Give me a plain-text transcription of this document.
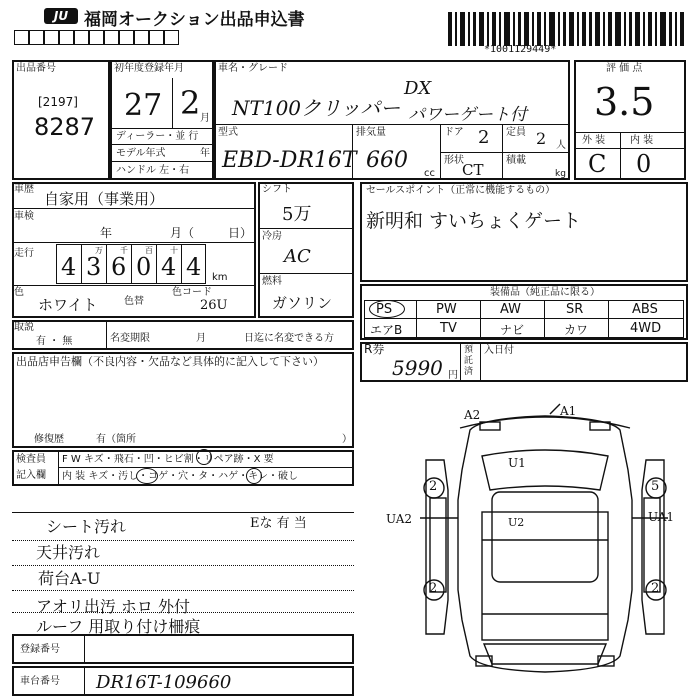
JU 福岡オークション出品申込書
*1001129449*
出品番号
[2197]
8287
初年度登録年月
27 2 月
ディーラー・並 行
モデル年式	年
ハンドル 左・右
車名・グレード
NT100クリッパー
DX
パワーゲート付
型式
EBD-DR16T
排気量
660
cc
ドア 2 定員 2 人
形状
CT
積載
kg
評 価 点
3.5
外 装 内 装
C 0
車歴
自家用（事業用）
車検
年	月（	日）
走行	万 千 百 十
4 3 6 0 4 4 km
色
ホワイト	色替
色コード
26U
シフト
5万
冷房
AC
燃料
ガソリン
セールスポイント（正常に機能するもの）
新明和 すいちょくゲート
装備品（純正品に限る）
PS	PW	AW	SR	ABS
エアB	TV	ナビ	カワ	4WD
取説
有 ・ 無	名変期限	月	日迄に名変できる方
R券
5990 円
預託済
入日付
出品店申告欄（不良内容・欠品など具体的に記入して下さい）
修復歴	有（箇所	）
検査員
記入欄
F W キズ・飛石・凹・ヒビ割・リペア跡・X 要
内 装 キズ・汚し・コゲ・穴・タ・ハゲ・キレ・破し
シート汚れ
天井汚れ
荷台A-U
アオリ出汚 ホロ 外付
ルーフ 用取り付け柵痕
Eな 有 当
登録番号
車台番号 DR16T-109660
A2	A1
U1
2	5
UA2	UA1
2	2
U2
